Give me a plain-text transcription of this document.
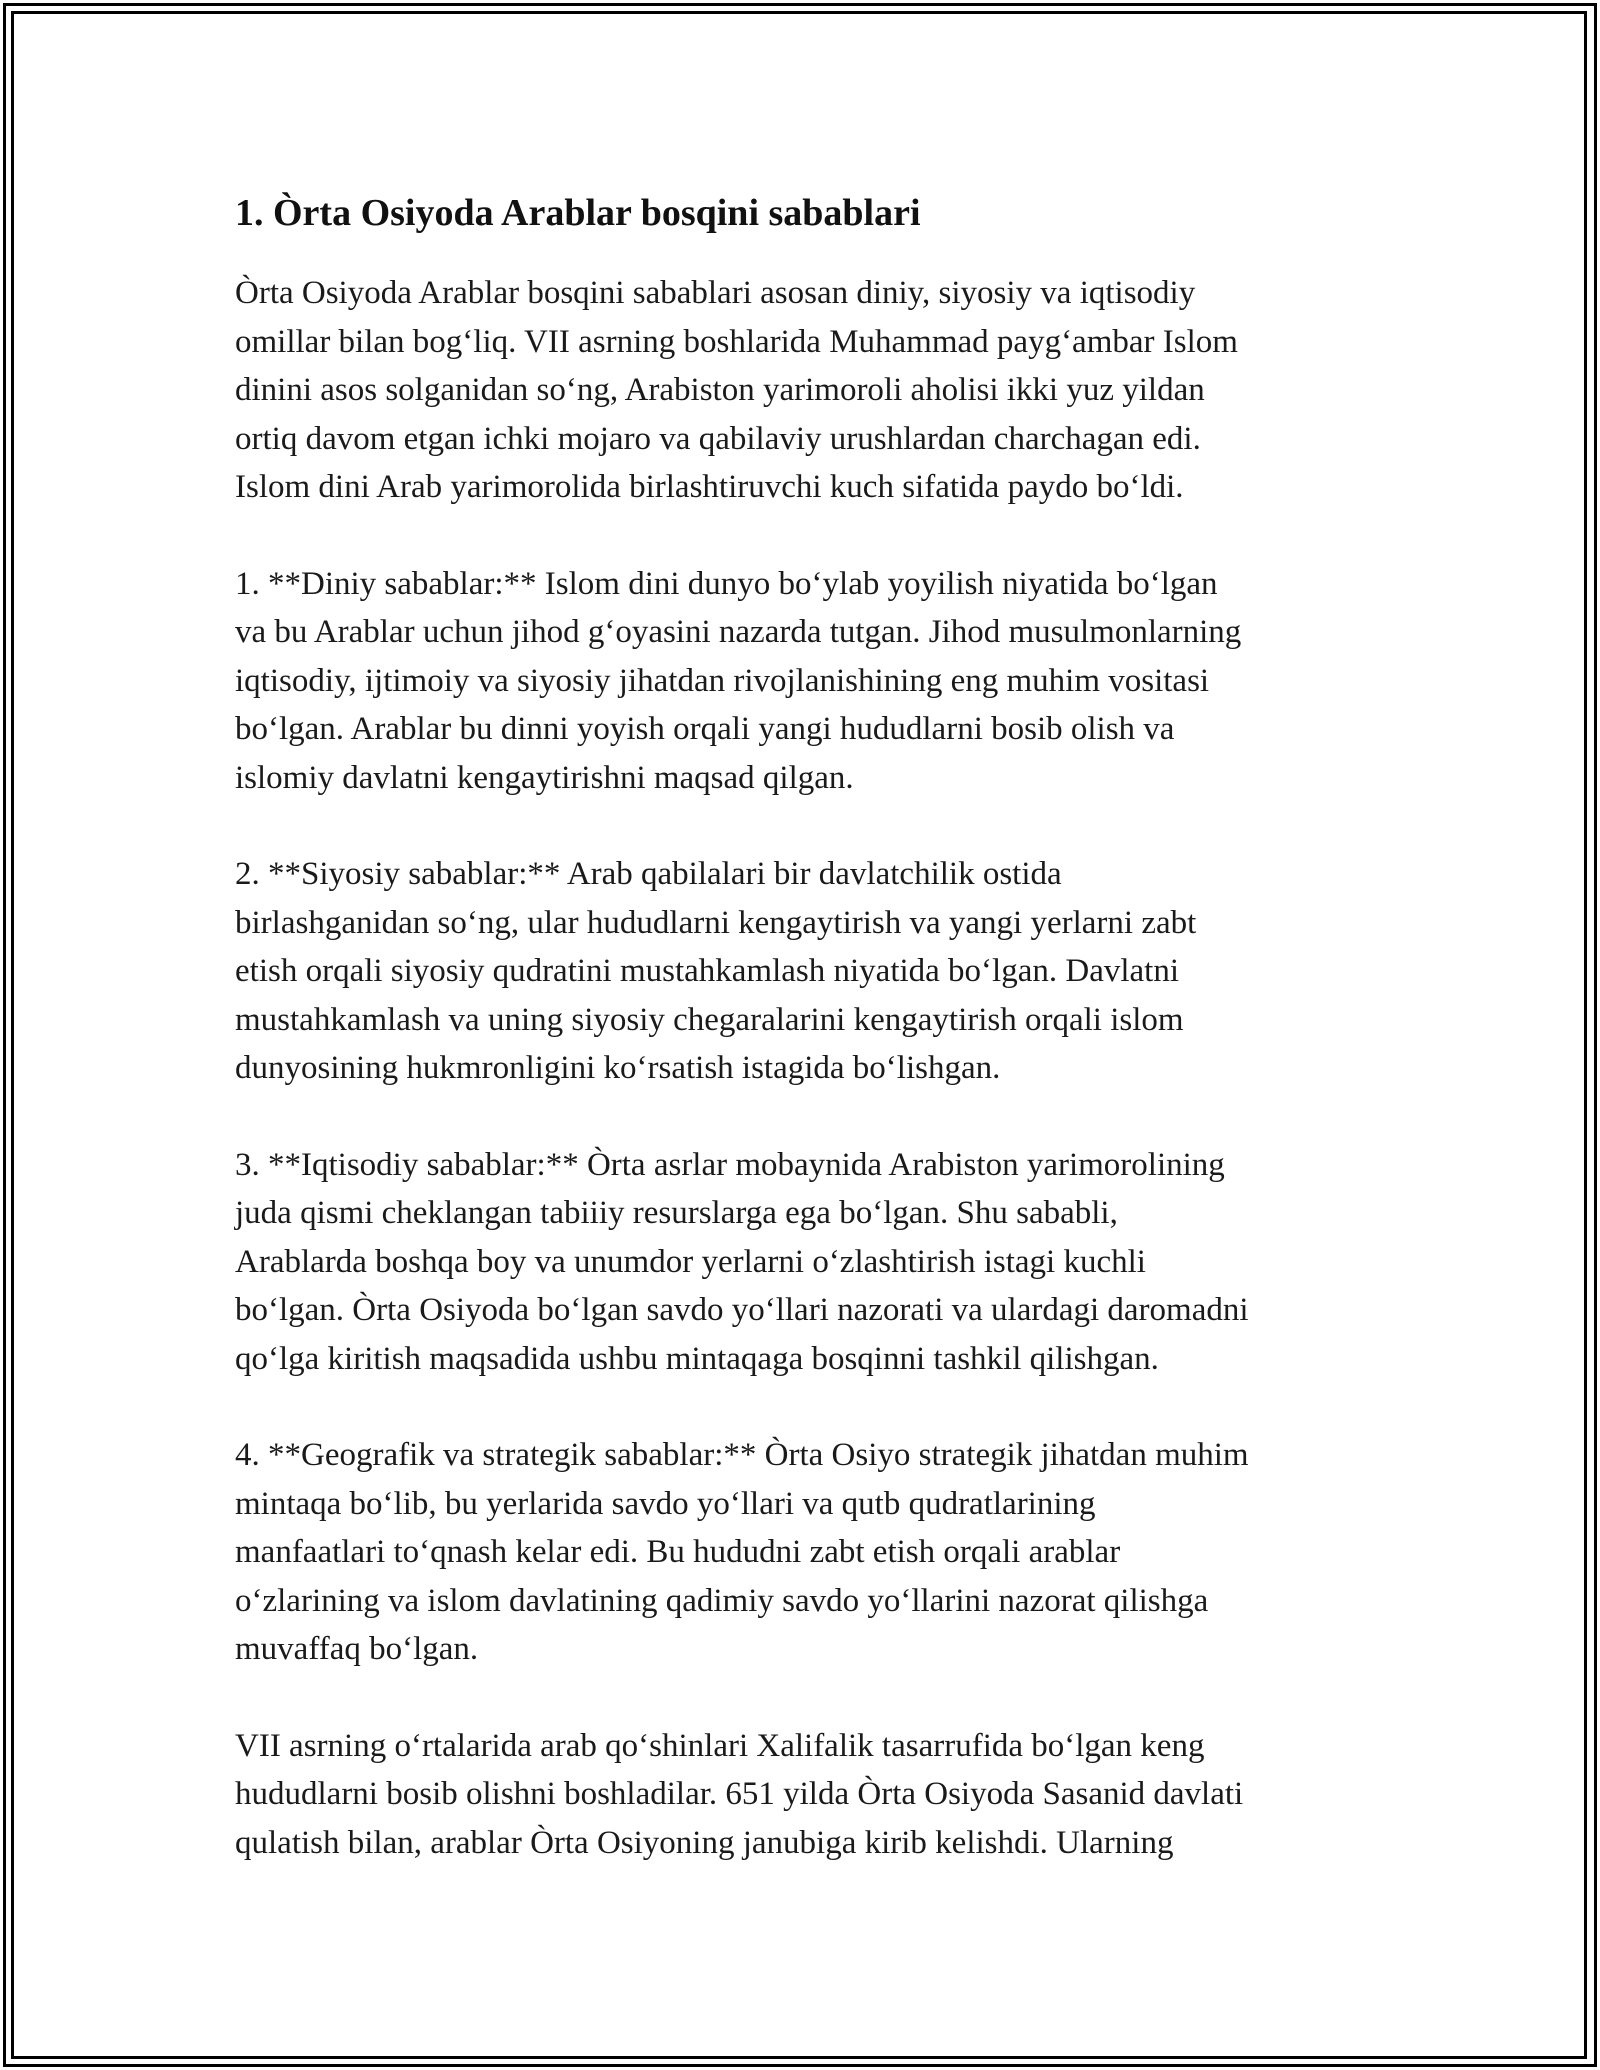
1. Òrta Osiyoda Arablar bosqini sabablari

Òrta Osiyoda Arablar bosqini sabablari asosan diniy, siyosiy va iqtisodiy
omillar bilan bog‘liq. VII asrning boshlarida Muhammad payg‘ambar Islom
dinini asos solganidan so‘ng, Arabiston yarimoroli aholisi ikki yuz yildan
ortiq davom etgan ichki mojaro va qabilaviy urushlardan charchagan edi.
Islom dini Arab yarimorolida birlashtiruvchi kuch sifatida paydo bo‘ldi.

1. **Diniy sabablar:** Islom dini dunyo bo‘ylab yoyilish niyatida bo‘lgan
va bu Arablar uchun jihod g‘oyasini nazarda tutgan. Jihod musulmonlarning
iqtisodiy, ijtimoiy va siyosiy jihatdan rivojlanishining eng muhim vositasi
bo‘lgan. Arablar bu dinni yoyish orqali yangi hududlarni bosib olish va
islomiy davlatni kengaytirishni maqsad qilgan.

2. **Siyosiy sabablar:** Arab qabilalari bir davlatchilik ostida
birlashganidan so‘ng, ular hududlarni kengaytirish va yangi yerlarni zabt
etish orqali siyosiy qudratini mustahkamlash niyatida bo‘lgan. Davlatni
mustahkamlash va uning siyosiy chegaralarini kengaytirish orqali islom
dunyosining hukmronligini ko‘rsatish istagida bo‘lishgan.

3. **Iqtisodiy sabablar:** Òrta asrlar mobaynida Arabiston yarimorolining
juda qismi cheklangan tabiiiy resurslarga ega bo‘lgan. Shu sababli,
Arablarda boshqa boy va unumdor yerlarni o‘zlashtirish istagi kuchli
bo‘lgan. Òrta Osiyoda bo‘lgan savdo yo‘llari nazorati va ulardagi daromadni
qo‘lga kiritish maqsadida ushbu mintaqaga bosqinni tashkil qilishgan.

4. **Geografik va strategik sabablar:** Òrta Osiyo strategik jihatdan muhim
mintaqa bo‘lib, bu yerlarida savdo yo‘llari va qutb qudratlarining
manfaatlari to‘qnash kelar edi. Bu hududni zabt etish orqali arablar
o‘zlarining va islom davlatining qadimiy savdo yo‘llarini nazorat qilishga
muvaffaq bo‘lgan.

VII asrning o‘rtalarida arab qo‘shinlari Xalifalik tasarrufida bo‘lgan keng
hududlarni bosib olishni boshladilar. 651 yilda Òrta Osiyoda Sasanid davlati
qulatish bilan, arablar Òrta Osiyoning janubiga kirib kelishdi. Ularning
